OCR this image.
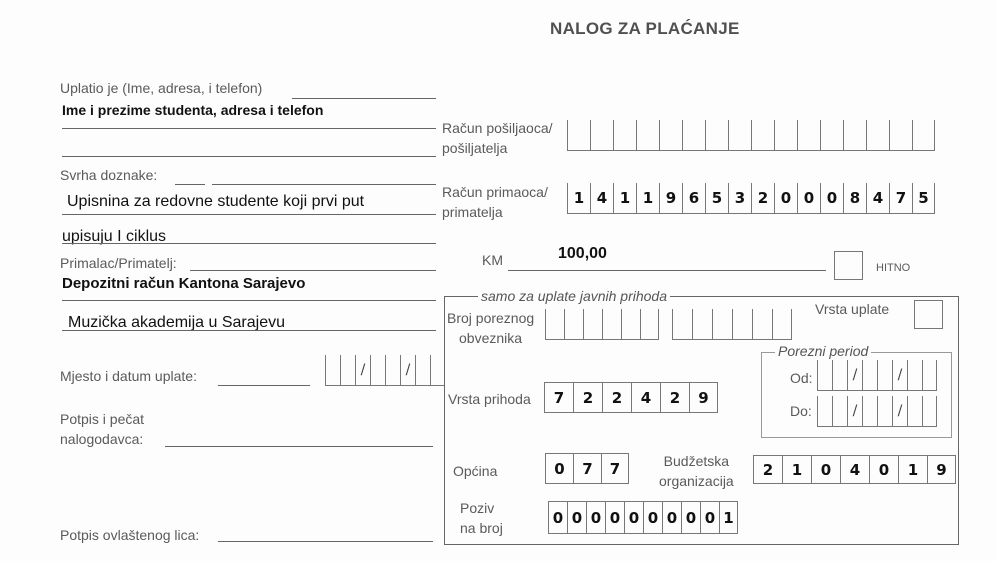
NALOG ZA PLAĆANJE
Uplatio je (Ime, adresa, i telefon)
Ime i prezime studenta, adresa i telefon
Svrha doznake:
Upisnina za redovne studente koji prvi put
upisuju I ciklus
Primalac/Primatelj:
Depozitni račun Kantona Sarajevo
Muzička akademija u Sarajevu
Mjesto i datum uplate:	/	/
Potpis i pečat
nalogodavca:
Potpis ovlaštenog lica:
Račun pošiljaoca/
pošiljatelja
Račun primaoca/
primatelja
1 4 1 1 9 6 5 3 2 0 0 0 8 4 7 5
KM	100,00
HITNO
samo za uplate javnih prihoda
Broj poreznog
obveznika
Vrsta uplate
Porezni period
Od:	/	/
Do:	/	/
Vrsta prihoda	7	2	2	4	2	9
Općina	0	7	7	Budžetska
organizacija
2	1	0	4	0	1	9
Poziv
na broj
0 0 0 0 0 0 0 0 0 1
